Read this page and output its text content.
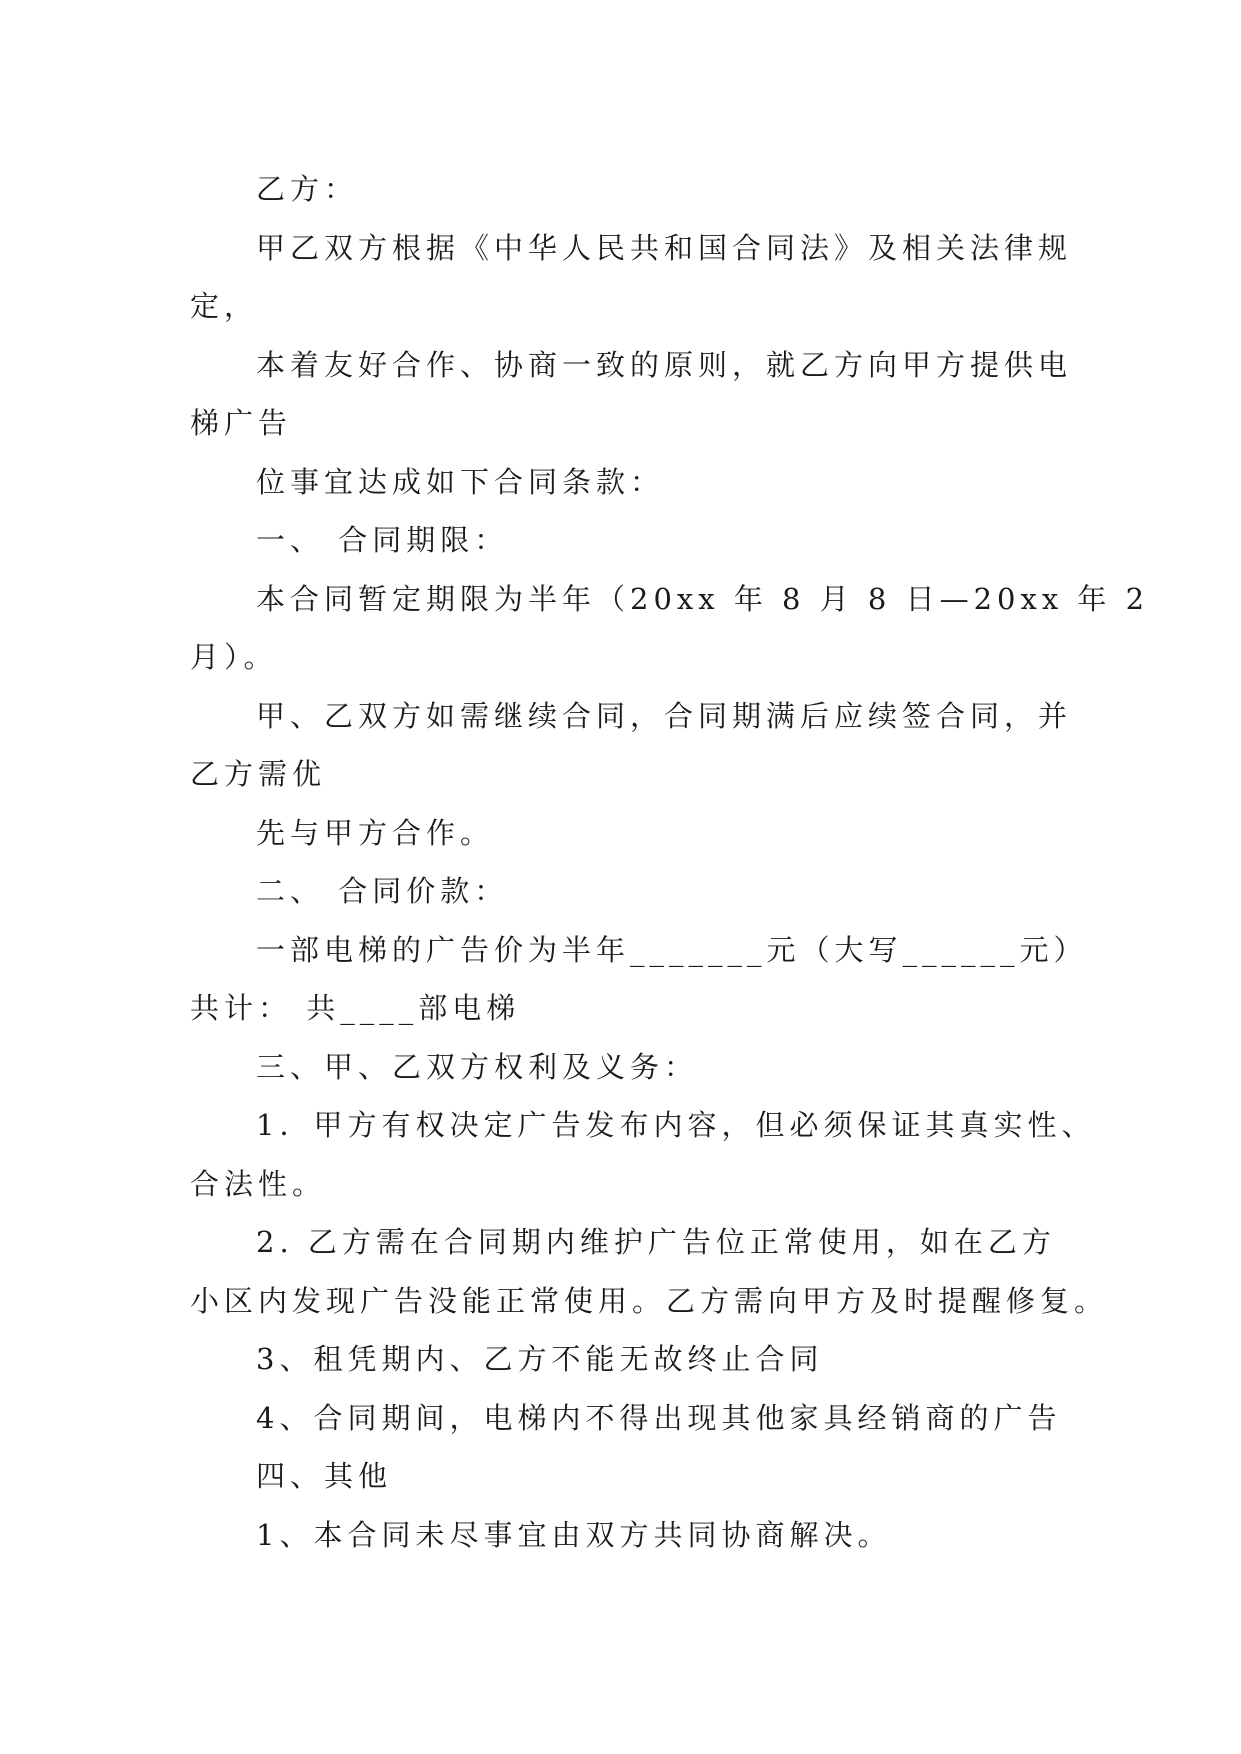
乙方：

甲乙双方根据《中华人民共和国合同法》及相关法律规

定，

本着友好合作、协商一致的原则，就乙方向甲方提供电

梯广告

位事宜达成如下合同条款：

一、 合同期限：

本合同暂定期限为半年（20xx 年 8 月 8 日—20xx 年 2

月）。

甲、乙双方如需继续合同，合同期满后应续签合同，并

乙方需优

先与甲方合作。

二、 合同价款：

一部电梯的广告价为半年_______元（大写______元）

共计： 共____部电梯

三、甲、乙双方权利及义务：

1．甲方有权决定广告发布内容，但必须保证其真实性、

合法性。

2. 乙方需在合同期内维护广告位正常使用，如在乙方

小区内发现广告没能正常使用。乙方需向甲方及时提醒修复。

3、租凭期内、乙方不能无故终止合同

4、合同期间，电梯内不得出现其他家具经销商的广告

四、其他

1、本合同未尽事宜由双方共同协商解决。
